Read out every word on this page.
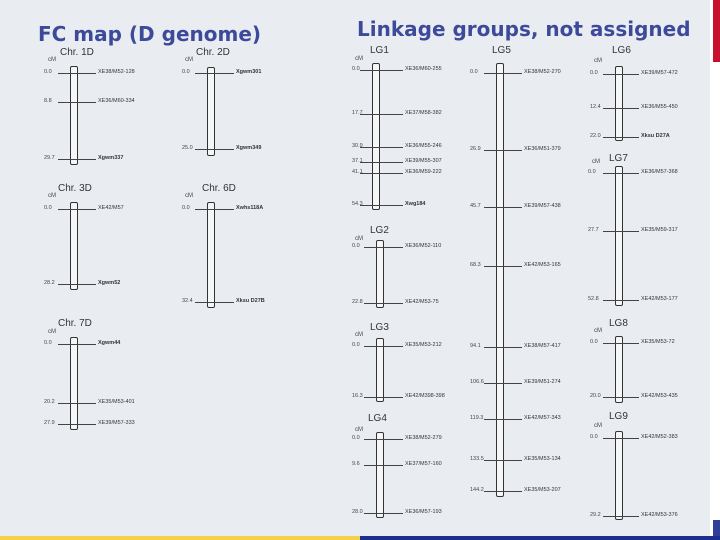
FC map (D genome)	Linkage groups, not assigned
Chr. 1D
cM
0.0	XE38/M52-128
8.8	XE36/M60-334
29.7	Xgwm337
Chr. 2D
cM
0.0	Xgwm301
25.0	Xgwm349
Chr. 3D
cM
0.0	XE42/M57
28.2	Xgwm52
Chr. 6D
cM
0.0	Xwhs118A
32.4	Xksu D27B
Chr. 7D
cM
0.0	Xgwm44
20.2	XE35/M53-401
27.9	XE39/M57-333
LG1
cM
0.0	XE36/M60-255
17.7	XE37/M58-382
30.9	XE36/M55-246
37.1	XE39/M55-307
41.1	XE36/M59-222
54.3	Xwg184
LG2
cM
0.0	XE36/M52-110
22.8	XE42/M53-75
LG3
cM
0.0	XE35/M53-212
16.3	XE42/M398-398
LG4
cM
0.0	XE38/M52-279
9.6	XE37/M57-160
28.0	XE36/M57-193
LG5
0.0	XE38/M52-270
26.9	XE36/M51-379
45.7	XE39/M57-438
68.3	XE42/M53-165
94.1	XE38/M57-417
106.6	XE39/M51-274
119.3	XE42/M57-343
133.5	XE35/M53-134
144.2	XE35/M53-207
LG6
cM
0.0	XE39/M57-472
12.4	XE36/M55-450
22.0	Xksu D27A
LG7
cM
0.0	XE36/M57-368
27.7	XE35/M59-317
52.8	XE42/M53-177
LG8
cM
0.0	XE35/M53-72
20.0	XE42/M53-435
LG9
cM
0.0	XE42/M52-383
29.2	XE42/M53-376
